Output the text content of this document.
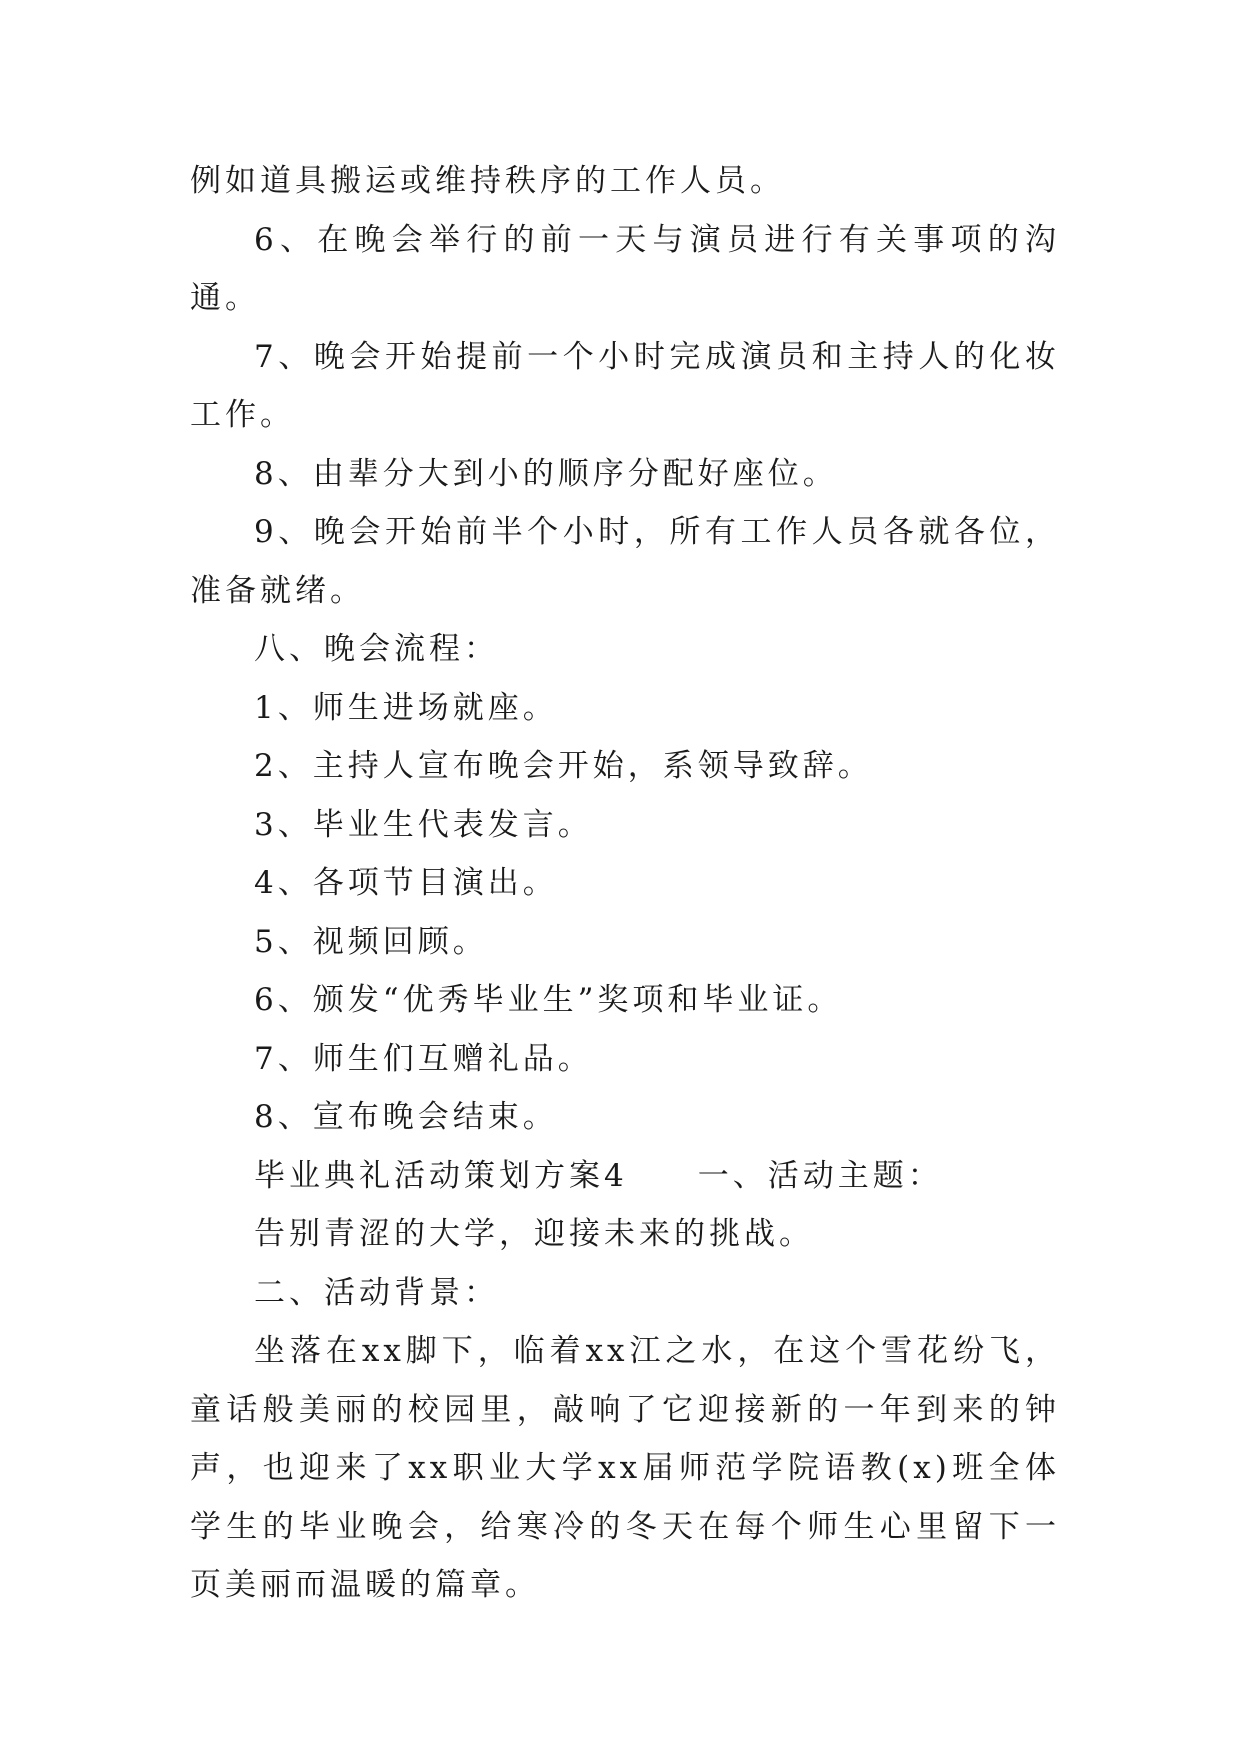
例如道具搬运或维持秩序的工作人员。

6、在晚会举行的前一天与演员进行有关事项的沟通。

7、晚会开始提前一个小时完成演员和主持人的化妆工作。

8、由辈分大到小的顺序分配好座位。

9、晚会开始前半个小时，所有工作人员各就各位，准备就绪。

八、晚会流程：

1、师生进场就座。

2、主持人宣布晚会开始，系领导致辞。

3、毕业生代表发言。

4、各项节目演出。

5、视频回顾。

6、颁发“优秀毕业生”奖项和毕业证。

7、师生们互赠礼品。

8、宣布晚会结束。

毕业典礼活动策划方案4　　一、活动主题：

告别青涩的大学，迎接未来的挑战。

二、活动背景：

坐落在xx脚下，临着xx江之水，在这个雪花纷飞，童话般美丽的校园里，敲响了它迎接新的一年到来的钟声，也迎来了xx职业大学xx届师范学院语教(x)班全体学生的毕业晚会，给寒冷的冬天在每个师生心里留下一页美丽而温暖的篇章。
